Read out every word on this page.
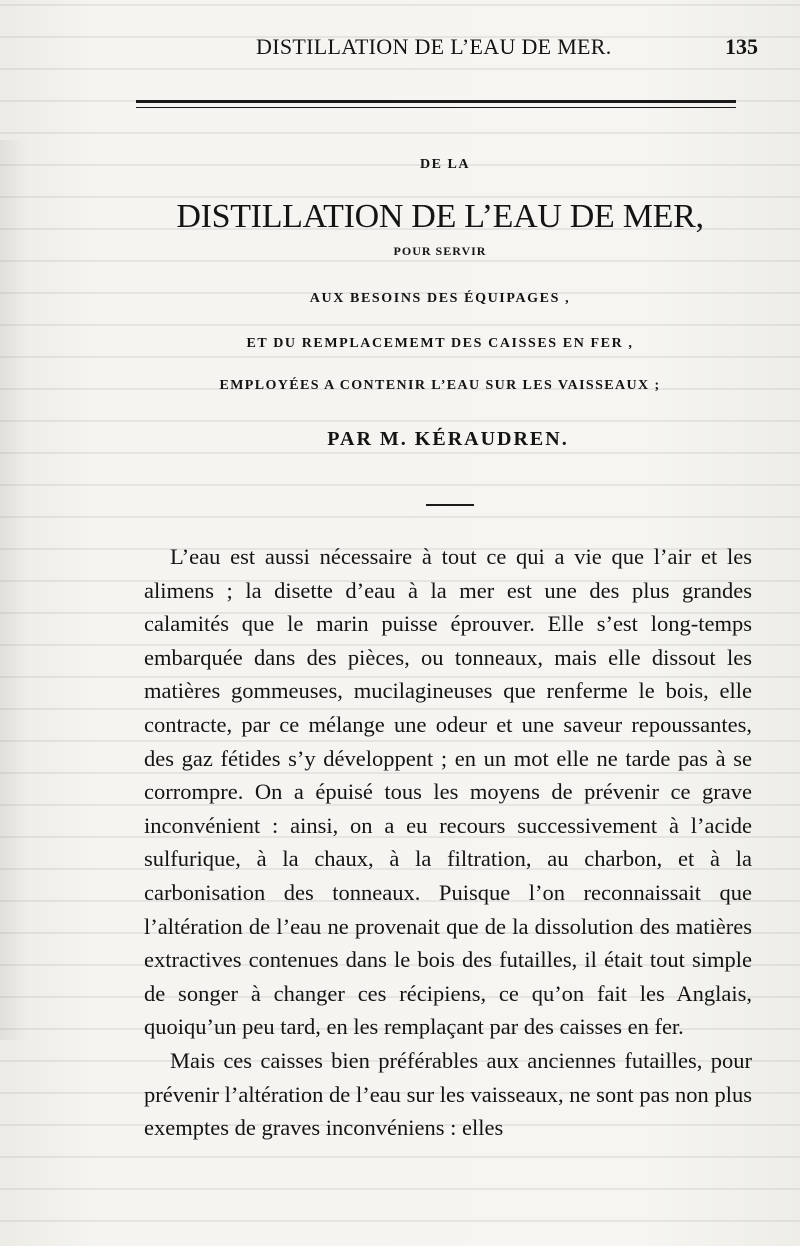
DISTILLATION DE L’EAU DE MER.	135
DE LA
DISTILLATION DE L’EAU DE MER,
POUR SERVIR
AUX BESOINS DES ÉQUIPAGES ,
ET DU REMPLACEMEMT DES CAISSES EN FER ,
EMPLOYÉES A CONTENIR L’EAU SUR LES VAISSEAUX ;
PAR M. KÉRAUDREN.

L’eau est aussi nécessaire à tout ce qui a vie que l’air et les alimens ; la disette d’eau à la mer est une des plus grandes calamités que le marin puisse éprouver. Elle s’est long-temps embarquée dans des pièces, ou tonneaux, mais elle dissout les matières gommeuses, mucilagineuses que renferme le bois, elle contracte, par ce mélange une odeur et une saveur repoussantes, des gaz fétides s’y développent ; en un mot elle ne tarde pas à se corrompre. On a épuisé tous les moyens de prévenir ce grave inconvénient : ainsi, on a eu recours successivement à l’acide sulfurique, à la chaux, à la filtration, au charbon, et à la carbonisation des tonneaux. Puisque l’on reconnaissait que l’altération de l’eau ne provenait que de la dissolution des matières extractives contenues dans le bois des futailles, il était tout simple de songer à changer ces récipiens, ce qu’on fait les Anglais, quoiqu’un peu tard, en les remplaçant par des caisses en fer.

Mais ces caisses bien préférables aux anciennes futailles, pour prévenir l’altération de l’eau sur les vaisseaux, ne sont pas non plus exemptes de graves inconvéniens : elles
